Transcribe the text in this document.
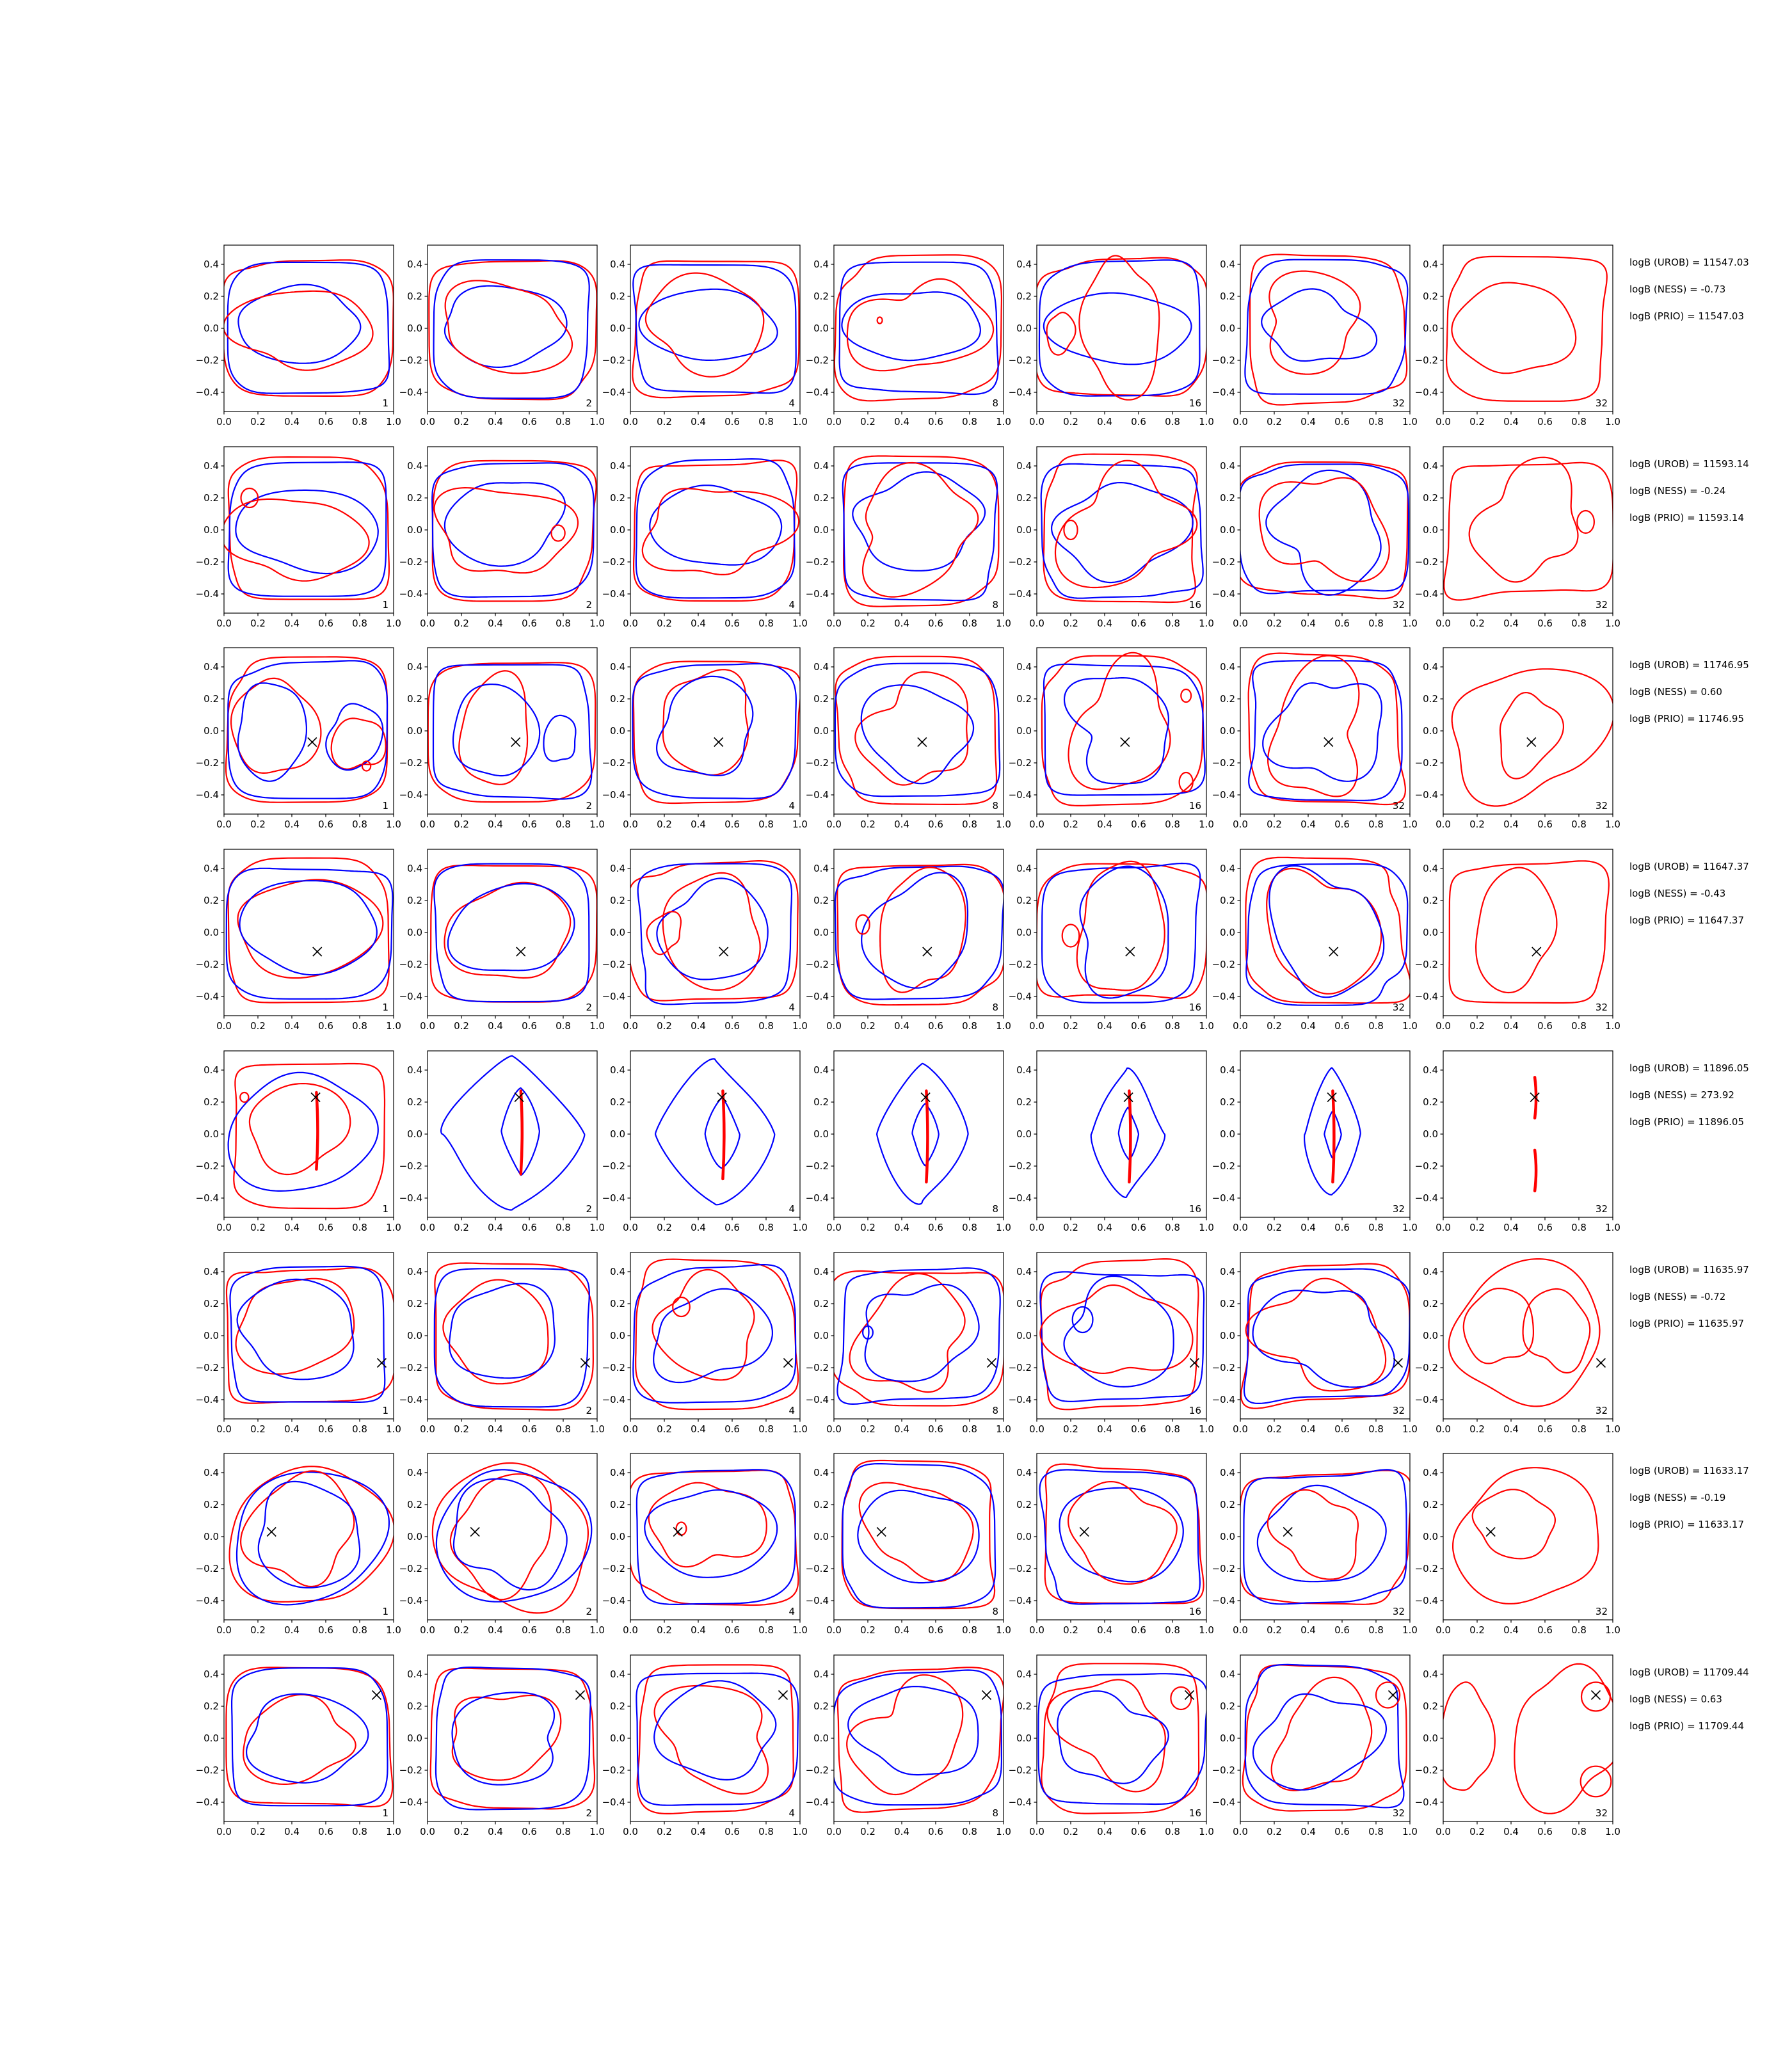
0.0 0.2 0.4 0.6 0.8 1.0
0.4
0.2
0.0
−0.2
−0.4
1
0.0 0.2 0.4 0.6 0.8 1.0
0.4
0.2
0.0
−0.2
−0.4
2
0.0 0.2 0.4 0.6 0.8 1.0
0.4
0.2
0.0
−0.2
−0.4
4
0.0 0.2 0.4 0.6 0.8 1.0
0.4
0.2
0.0
−0.2
−0.4
8
0.0 0.2 0.4 0.6 0.8 1.0
0.4
0.2
0.0
−0.2
−0.4
16
0.0 0.2 0.4 0.6 0.8 1.0
0.4
0.2
0.0
−0.2
−0.4
32
0.0 0.2 0.4 0.6 0.8 1.0
0.4
0.2
0.0
−0.2
−0.4
32
logB (UROB) = 11547.03
logB (NESS) = -0.73
logB (PRIO) = 11547.03
0.0 0.2 0.4 0.6 0.8 1.0
0.4
0.2
0.0
−0.2
−0.4
1
0.0 0.2 0.4 0.6 0.8 1.0
0.4
0.2
0.0
−0.2
−0.4
2
0.0 0.2 0.4 0.6 0.8 1.0
0.4
0.2
0.0
−0.2
−0.4
4
0.0 0.2 0.4 0.6 0.8 1.0
0.4
0.2
0.0
−0.2
−0.4
8
0.0 0.2 0.4 0.6 0.8 1.0
0.4
0.2
0.0
−0.2
−0.4
16
0.0 0.2 0.4 0.6 0.8 1.0
0.4
0.2
0.0
−0.2
−0.4
32
0.0 0.2 0.4 0.6 0.8 1.0
0.4
0.2
0.0
−0.2
−0.4
32
logB (UROB) = 11593.14
logB (NESS) = -0.24
logB (PRIO) = 11593.14
0.0 0.2 0.4 0.6 0.8 1.0
0.4
0.2
0.0
−0.2
−0.4
1
0.0 0.2 0.4 0.6 0.8 1.0
0.4
0.2
0.0
−0.2
−0.4
2
0.0 0.2 0.4 0.6 0.8 1.0
0.4
0.2
0.0
−0.2
−0.4
4
0.0 0.2 0.4 0.6 0.8 1.0
0.4
0.2
0.0
−0.2
−0.4
8
0.0 0.2 0.4 0.6 0.8 1.0
0.4
0.2
0.0
−0.2
−0.4
16
0.0 0.2 0.4 0.6 0.8 1.0
0.4
0.2
0.0
−0.2
−0.4
32
0.0 0.2 0.4 0.6 0.8 1.0
0.4
0.2
0.0
−0.2
−0.4
32
logB (UROB) = 11746.95
logB (NESS) = 0.60
logB (PRIO) = 11746.95
0.0 0.2 0.4 0.6 0.8 1.0
0.4
0.2
0.0
−0.2
−0.4
1
0.0 0.2 0.4 0.6 0.8 1.0
0.4
0.2
0.0
−0.2
−0.4
2
0.0 0.2 0.4 0.6 0.8 1.0
0.4
0.2
0.0
−0.2
−0.4
4
0.0 0.2 0.4 0.6 0.8 1.0
0.4
0.2
0.0
−0.2
−0.4
8
0.0 0.2 0.4 0.6 0.8 1.0
0.4
0.2
0.0
−0.2
−0.4
16
0.0 0.2 0.4 0.6 0.8 1.0
0.4
0.2
0.0
−0.2
−0.4
32
0.0 0.2 0.4 0.6 0.8 1.0
0.4
0.2
0.0
−0.2
−0.4
32
logB (UROB) = 11647.37
logB (NESS) = -0.43
logB (PRIO) = 11647.37
0.0 0.2 0.4 0.6 0.8 1.0
0.4
0.2
0.0
−0.2
−0.4
1
0.0 0.2 0.4 0.6 0.8 1.0
0.4
0.2
0.0
−0.2
−0.4
2
0.0 0.2 0.4 0.6 0.8 1.0
0.4
0.2
0.0
−0.2
−0.4
4
0.0 0.2 0.4 0.6 0.8 1.0
0.4
0.2
0.0
−0.2
−0.4
8
0.0 0.2 0.4 0.6 0.8 1.0
0.4
0.2
0.0
−0.2
−0.4
16
0.0 0.2 0.4 0.6 0.8 1.0
0.4
0.2
0.0
−0.2
−0.4
32
0.0 0.2 0.4 0.6 0.8 1.0
0.4
0.2
0.0
−0.2
−0.4
32
logB (UROB) = 11896.05
logB (NESS) = 273.92
logB (PRIO) = 11896.05
0.0 0.2 0.4 0.6 0.8 1.0
0.4
0.2
0.0
−0.2
−0.4
1
0.0 0.2 0.4 0.6 0.8 1.0
0.4
0.2
0.0
−0.2
−0.4
2
0.0 0.2 0.4 0.6 0.8 1.0
0.4
0.2
0.0
−0.2
−0.4
4
0.0 0.2 0.4 0.6 0.8 1.0
0.4
0.2
0.0
−0.2
−0.4
8
0.0 0.2 0.4 0.6 0.8 1.0
0.4
0.2
0.0
−0.2
−0.4
16
0.0 0.2 0.4 0.6 0.8 1.0
0.4
0.2
0.0
−0.2
−0.4
32
0.0 0.2 0.4 0.6 0.8 1.0
0.4
0.2
0.0
−0.2
−0.4
32
logB (UROB) = 11635.97
logB (NESS) = -0.72
logB (PRIO) = 11635.97
0.0 0.2 0.4 0.6 0.8 1.0
0.4
0.2
0.0
−0.2
−0.4
1
0.0 0.2 0.4 0.6 0.8 1.0
0.4
0.2
0.0
−0.2
−0.4
2
0.0 0.2 0.4 0.6 0.8 1.0
0.4
0.2
0.0
−0.2
−0.4
4
0.0 0.2 0.4 0.6 0.8 1.0
0.4
0.2
0.0
−0.2
−0.4
8
0.0 0.2 0.4 0.6 0.8 1.0
0.4
0.2
0.0
−0.2
−0.4
16
0.0 0.2 0.4 0.6 0.8 1.0
0.4
0.2
0.0
−0.2
−0.4
32
0.0 0.2 0.4 0.6 0.8 1.0
0.4
0.2
0.0
−0.2
−0.4
32
logB (UROB) = 11633.17
logB (NESS) = -0.19
logB (PRIO) = 11633.17
0.0 0.2 0.4 0.6 0.8 1.0
0.4
0.2
0.0
−0.2
−0.4
1
0.0 0.2 0.4 0.6 0.8 1.0
0.4
0.2
0.0
−0.2
−0.4
2
0.0 0.2 0.4 0.6 0.8 1.0
0.4
0.2
0.0
−0.2
−0.4
4
0.0 0.2 0.4 0.6 0.8 1.0
0.4
0.2
0.0
−0.2
−0.4
8
0.0 0.2 0.4 0.6 0.8 1.0
0.4
0.2
0.0
−0.2
−0.4
16
0.0 0.2 0.4 0.6 0.8 1.0
0.4
0.2
0.0
−0.2
−0.4
32
0.0 0.2 0.4 0.6 0.8 1.0
0.4
0.2
0.0
−0.2
−0.4
32
logB (UROB) = 11709.44
logB (NESS) = 0.63
logB (PRIO) = 11709.44
